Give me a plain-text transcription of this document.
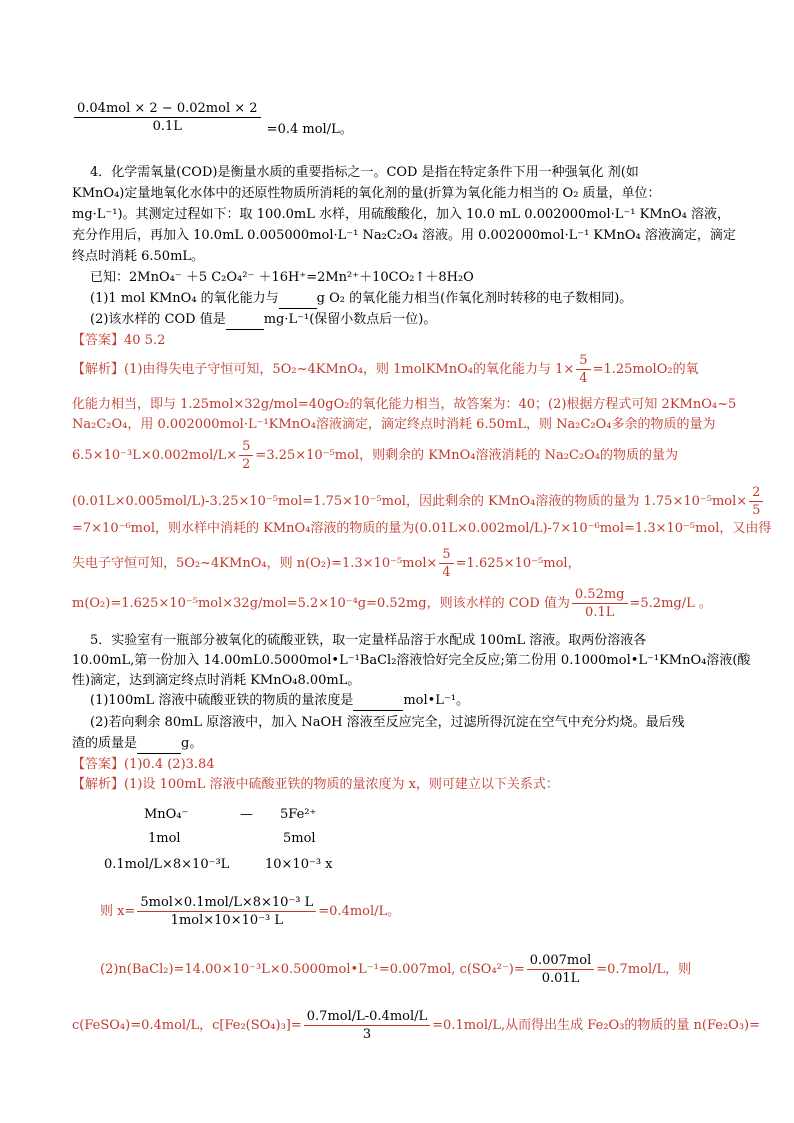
$\frac{\text{0.04mol × 2 − 0.02mol × 2}}{0.1L} =0.4$ mol/L。
4．化学需氧量(COD)是衡量水质的重要指标之一。COD 是指在特定条件下用一种强氧化 剂(如
KMnO₄)定量地氧化水体中的还原性物质所消耗的氧化剂的量(折算为氧化能力相当的 O₂ 质量，单位：
mg·L⁻¹)。其测定过程如下：取 100.0mL 水样，用硫酸酸化，加入 10.0 mL 0.002000mol·L⁻¹ KMnO₄ 溶液，
充分作用后，再加入 10.0mL 0.005000mol·L⁻¹ Na₂C₂O₄ 溶液。用 0.002000mol·L⁻¹ KMnO₄ 溶液滴定，滴定
终点时消耗 6.50mL。
已知：2MnO₄⁻ ＋5 C₂O₄²⁻ ＋16H⁺=2Mn²⁺＋10CO₂↑＋8H₂O
(1)1 mol KMnO₄ 的氧化能力与	g O₂ 的氧化能力相当(作氧化剂时转移的电子数相同)。
(2)该水样的 COD 值是	mg·L⁻¹(保留小数点后一位)。
【答案】40 5.2
【解析】(1)由得失电子守恒可知，5O₂~4KMnO₄，则 1molKMnO₄的氧化能力与 $1\times \frac{5}{4}$ =1.25molO₂的氧
化能力相当，即与 1.25mol×32g/mol=40gO₂的氧化能力相当，故答案为：40；(2)根据方程式可知 2KMnO₄~5
Na₂C₂O₄，用 0.002000mol·L⁻¹KMnO₄溶液滴定，滴定终点时消耗 6.50mL，则 Na₂C₂O₄多余的物质的量为
$6.5\times 10^{-3}L\times 0.002mol/L\times \frac{5}{2} =3.25\times 10^{-5}mol$，则剩余的 KMnO₄溶液消耗的 Na₂C₂O₄的物质的量为
(0.01L×0.005mol/L)-3.25×10⁻⁵mol=1.75×10⁻⁵mol，因此剩余的 KMnO₄溶液的物质的量为 $1.75\times 10^{-5}mol\times \frac{2}{5}$
=7×10⁻⁶mol，则水样中消耗的 KMnO₄溶液的物质的量为(0.01L×0.002mol/L)-7×10⁻⁶mol=1.3×10⁻⁵mol，又由得
失电子守恒可知，5O₂~4KMnO₄，则 $n(O_2)=1.3\times 10^{-5}mol\times \frac{5}{4} =1.625\times 10^{-5}mol$，
m(O₂)=1.625×10⁻⁵mol×32g/mol=5.2×10⁻⁴g=0.52mg，则该水样的 COD 值为 $\frac{0.52mg}{0.1L} =5.2mg/L$ 。
5．实验室有一瓶部分被氧化的硫酸亚铁，取一定量样品溶于水配成 100mL 溶液。取两份溶液各
10.00mL,第一份加入 14.00mL0.5000mol•L⁻¹BaCl₂溶液恰好完全反应;第二份用 0.1000mol•L⁻¹KMnO₄溶液(酸
性)滴定，达到滴定终点时消耗 KMnO₄8.00mL。
(1)100mL 溶液中硫酸亚铁的物质的量浓度是	mol•L⁻¹。
(2)若向剩余 80mL 原溶液中，加入 NaOH 溶液至反应完全，过滤所得沉淀在空气中充分灼烧。最后残
渣的质量是	g。
【答案】(1)0.4 (2)3.84
【解析】(1)设 100mL 溶液中硫酸亚铁的物质的量浓度为 x，则可建立以下关系式：
MnO₄⁻	— 5Fe²⁺
1mol	5mol
0.1mol/L×8×10⁻³L	10×10⁻³ x
则 $x= \frac{\text{5mol×0.1mol/L×8×10⁻³ L}}{\text{1mol×10×10⁻³ L}} =0.4mol/L$。
(2)n(BaCl₂)=14.00×10⁻³L×0.5000mol•L⁻¹=0.007mol, $c(SO_4^{2-})= \frac{\text{0.007mol}}{0.01L} =0.7mol/L$，则
c(FeSO₄)=0.4mol/L，$c[Fe_2(SO_4)_3]= \frac{\text{0.7mol/L-0.4mol/L}}{3} =0.1mol/L$,从而得出生成 Fe₂O₃的物质的量 n(Fe₂O₃)=
